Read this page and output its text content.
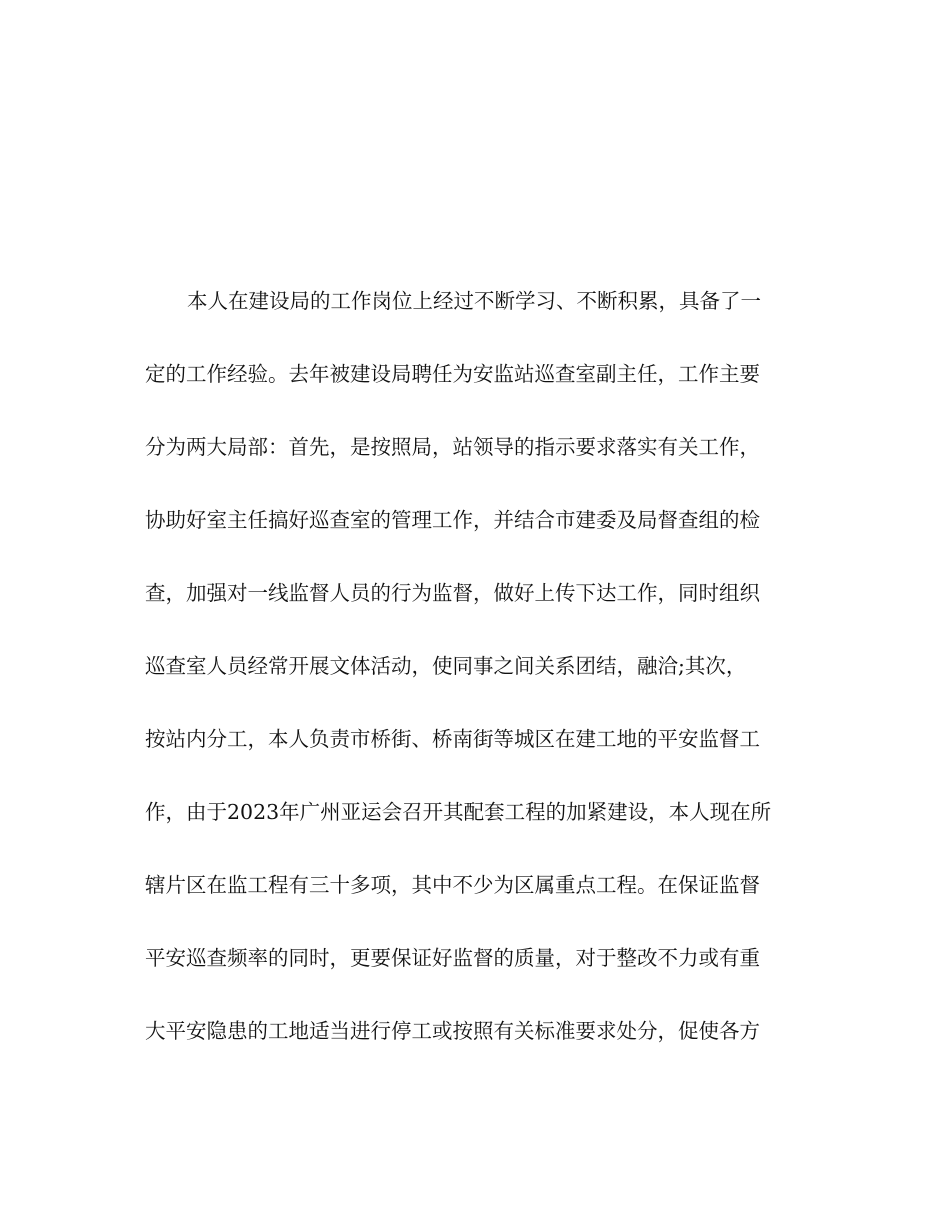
本人在建设局的工作岗位上经过不断学习、不断积累，具备了一
定的工作经验。去年被建设局聘任为安监站巡查室副主任，工作主要
分为两大局部：首先，是按照局，站领导的指示要求落实有关工作，
协助好室主任搞好巡查室的管理工作，并结合市建委及局督查组的检
查，加强对一线监督人员的行为监督，做好上传下达工作，同时组织
巡查室人员经常开展文体活动，使同事之间关系团结，融洽;其次，
按站内分工，本人负责市桥街、桥南街等城区在建工地的平安监督工
作，由于2023年广州亚运会召开其配套工程的加紧建设，本人现在所
辖片区在监工程有三十多项，其中不少为区属重点工程。在保证监督
平安巡查频率的同时，更要保证好监督的质量，对于整改不力或有重
大平安隐患的工地适当进行停工或按照有关标准要求处分，促使各方
